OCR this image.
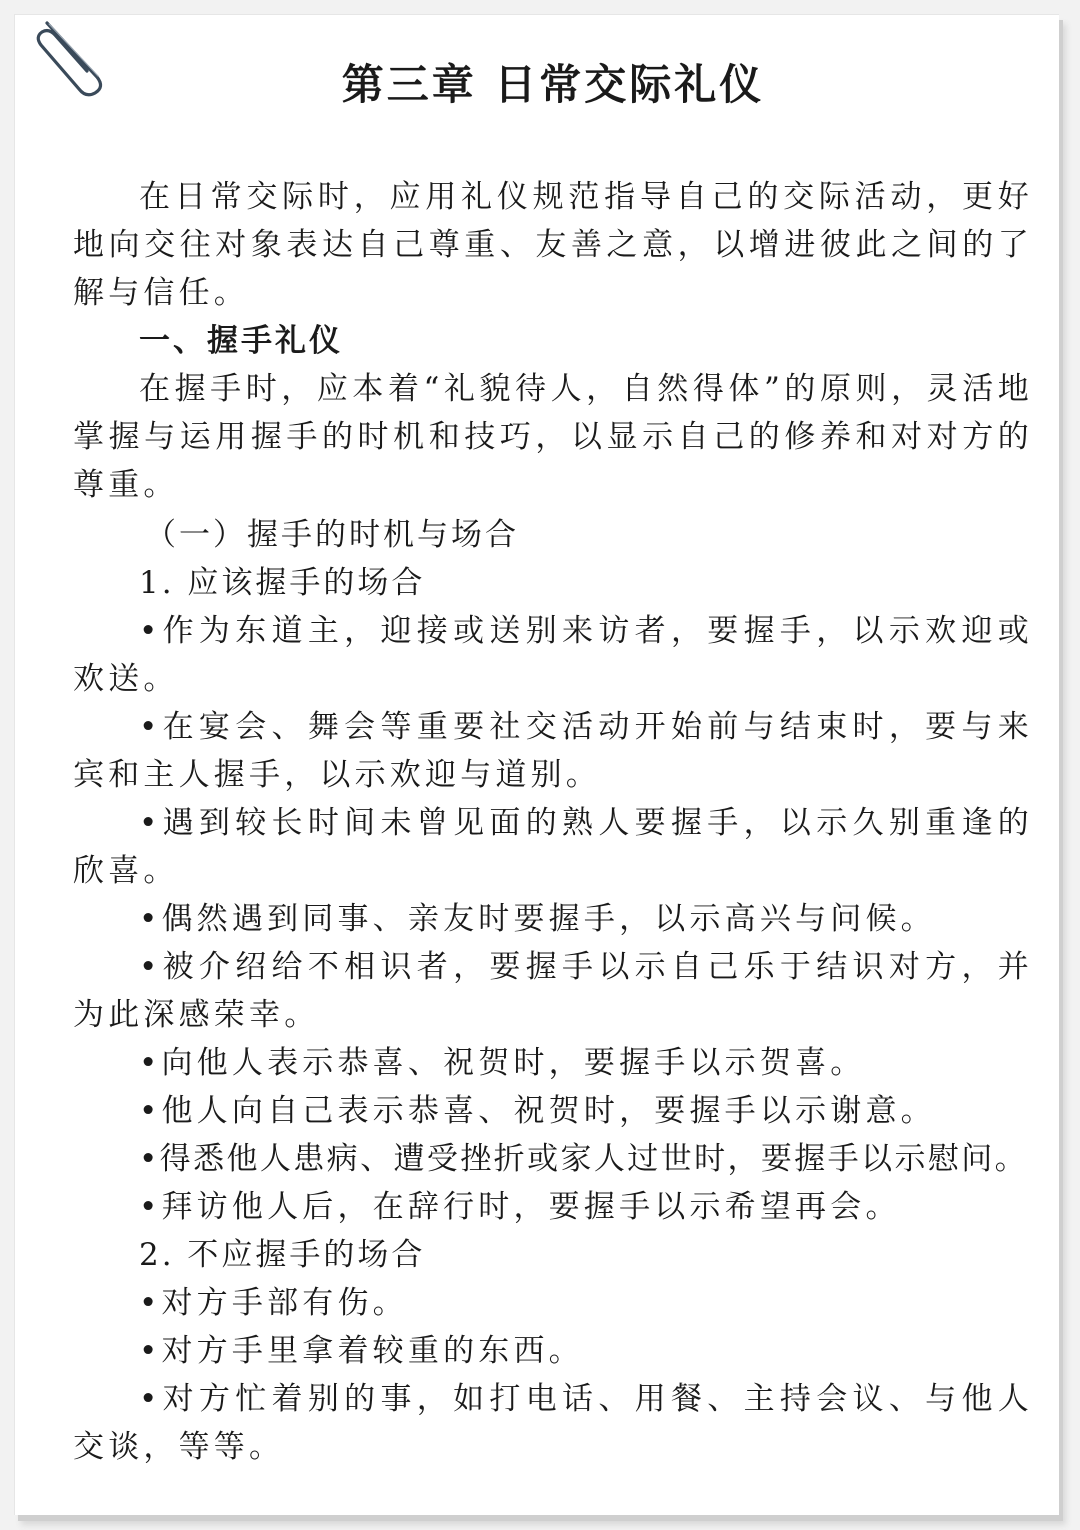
第三章 日常交际礼仪

在日常交际时，应用礼仪规范指导自己的交际活动，更好地向交往对象表达自己尊重、友善之意，以增进彼此之间的了解与信任。

一、握手礼仪

在握手时，应本着“礼貌待人，自然得体”的原则，灵活地掌握与运用握手的时机和技巧，以显示自己的修养和对对方的尊重。

（一）握手的时机与场合

1. 应该握手的场合

•作为东道主，迎接或送别来访者，要握手，以示欢迎或欢送。

•在宴会、舞会等重要社交活动开始前与结束时，要与来宾和主人握手，以示欢迎与道别。

•遇到较长时间未曾见面的熟人要握手，以示久别重逢的欣喜。

•偶然遇到同事、亲友时要握手，以示高兴与问候。

•被介绍给不相识者，要握手以示自己乐于结识对方，并为此深感荣幸。

•向他人表示恭喜、祝贺时，要握手以示贺喜。

•他人向自己表示恭喜、祝贺时，要握手以示谢意。

•得悉他人患病、遭受挫折或家人过世时，要握手以示慰问。

•拜访他人后，在辞行时，要握手以示希望再会。

2. 不应握手的场合

•对方手部有伤。

•对方手里拿着较重的东西。

•对方忙着别的事，如打电话、用餐、主持会议、与他人交谈，等等。
